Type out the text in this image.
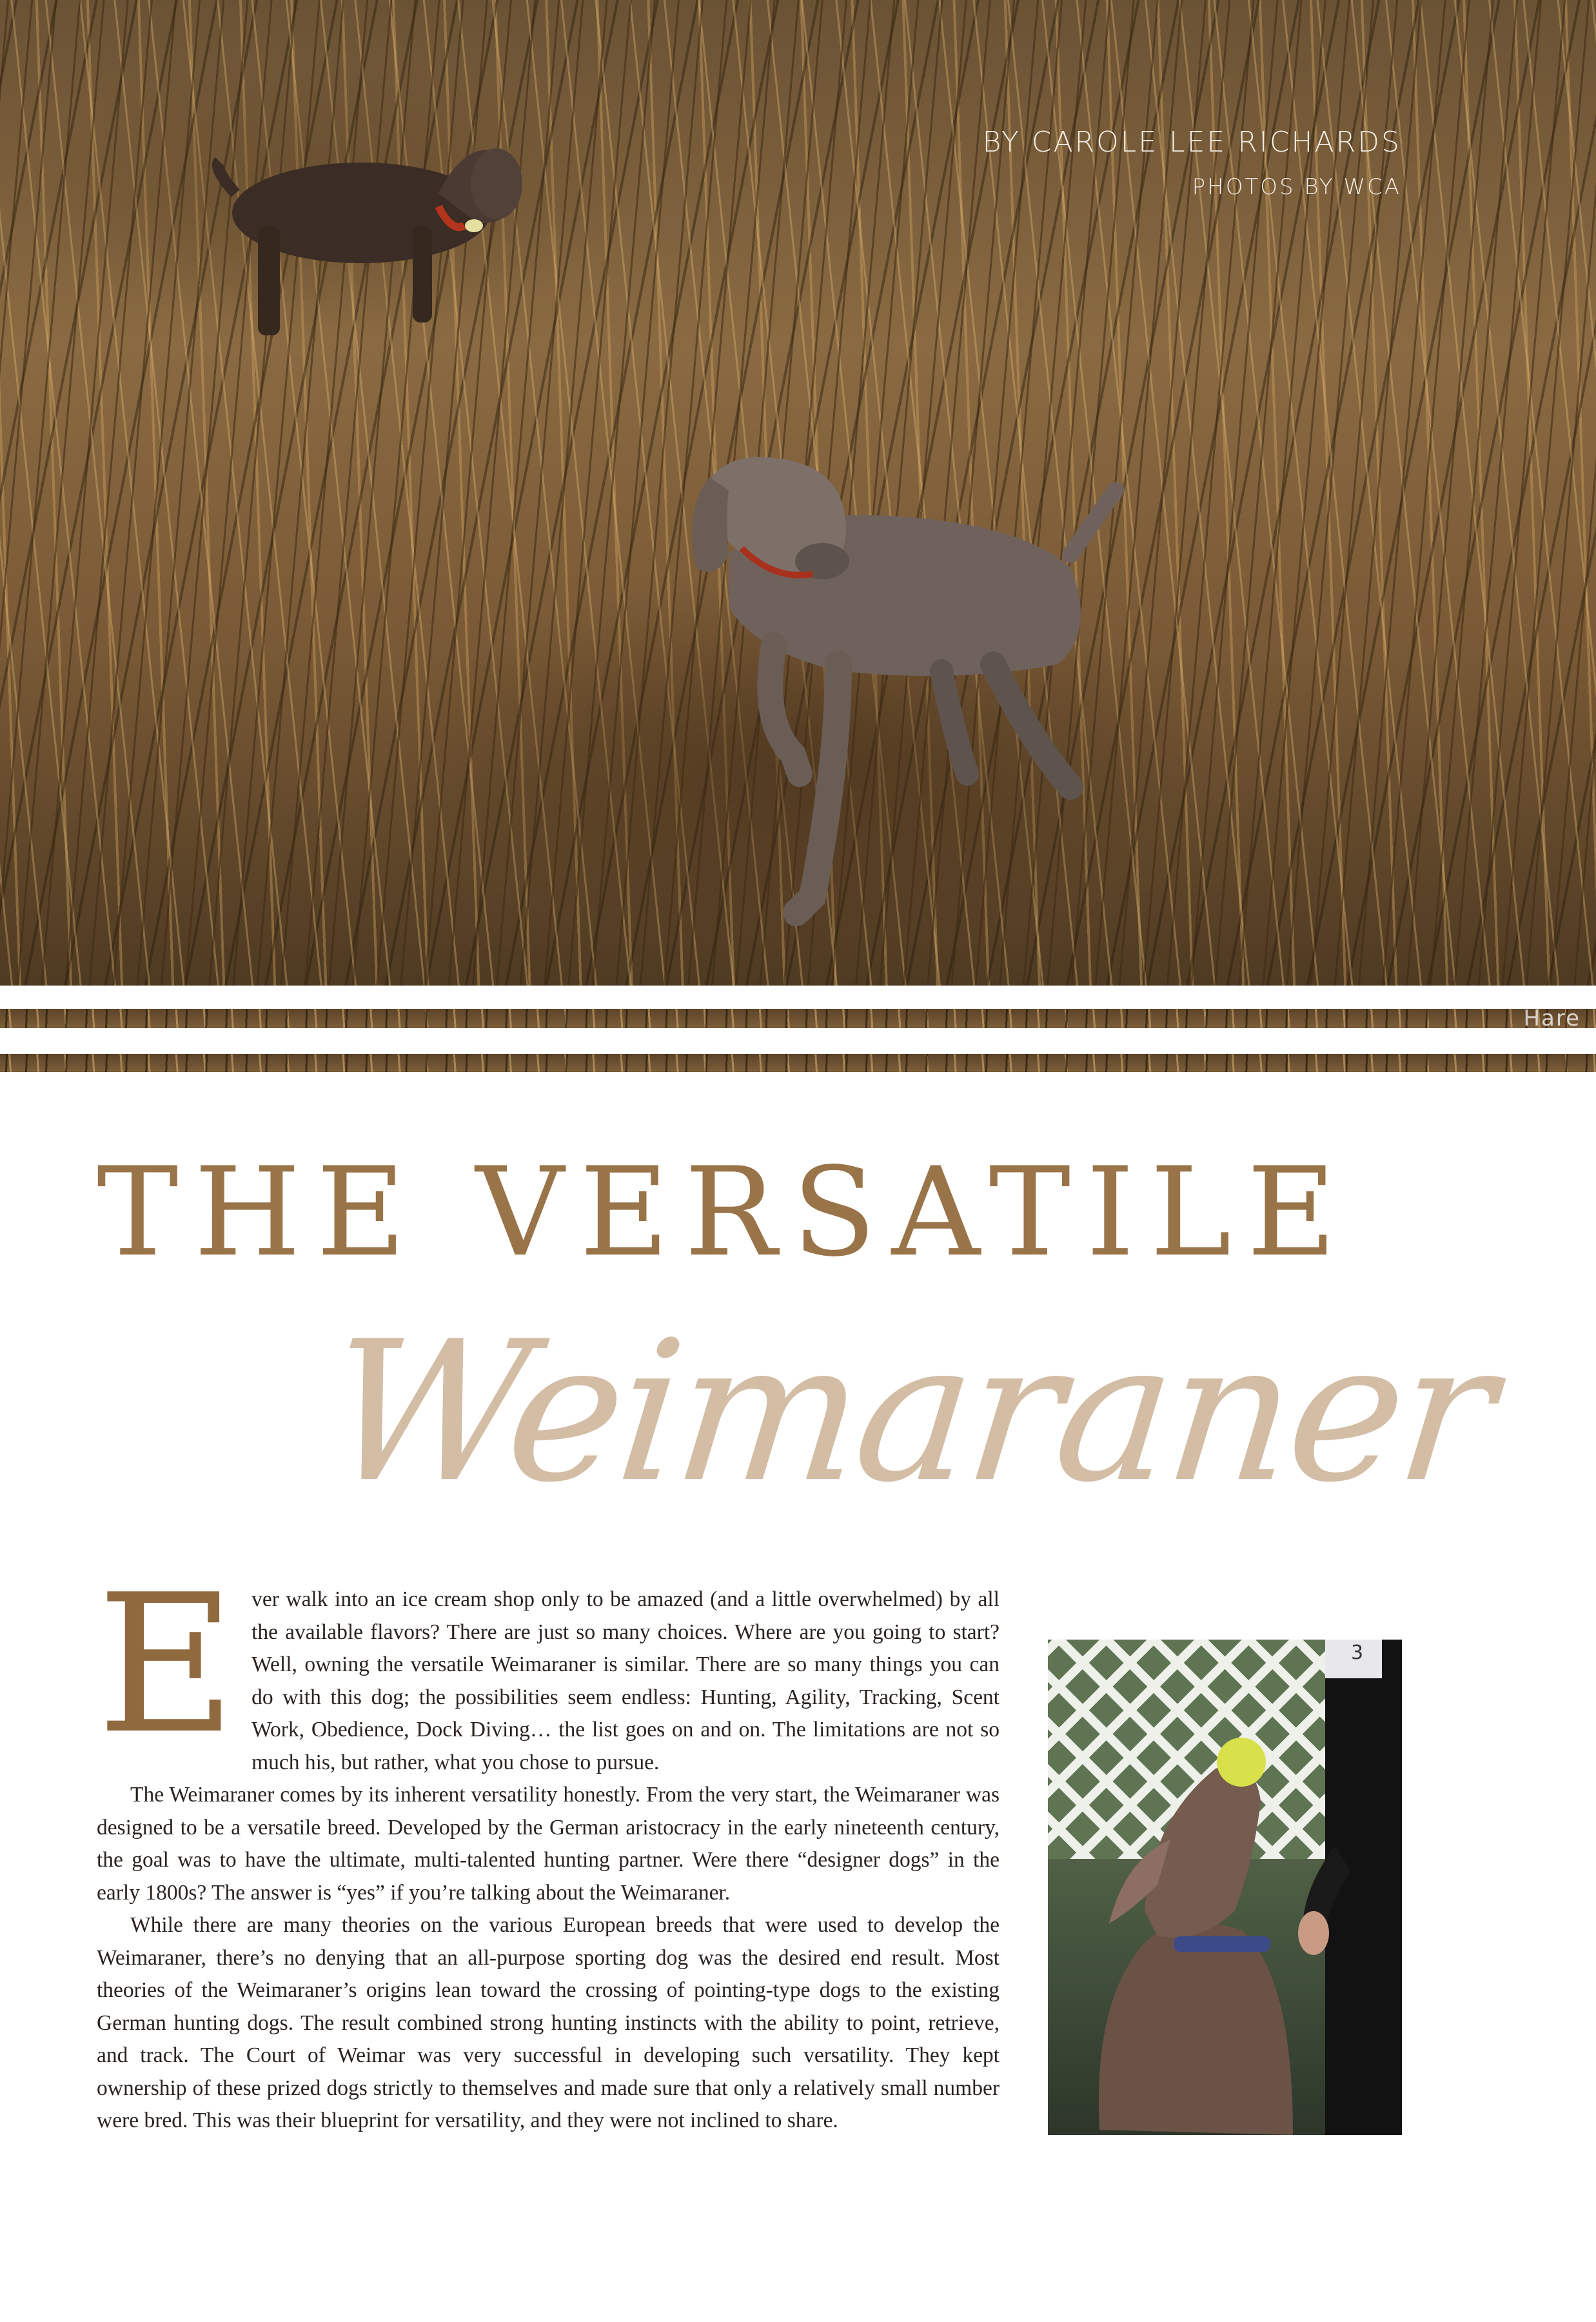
BY CAROLE LEE RICHARDS

PHOTOS BY WCA

Hare
THE VERSATILE
Weimaraner
E ver walk into an ice cream shop only to be amazed (and a little overwhelmed) by all the available flavors? There are just so many choices. Where are you going to start? Well, owning the versatile Weimaraner is similar. There are so many things you can do with this dog; the possibilities seem endless: Hunting, Agility, Tracking, Scent Work, Obedience, Dock Diving… the list goes on and on. The limitations are not so much his, but rather, what you chose to pursue.

The Weimaraner comes by its inherent versatility honestly. From the very start, the Weimaraner was designed to be a versatile breed. Developed by the German aristocracy in the early nineteenth century, the goal was to have the ultimate, multi-talented hunting partner. Were there “designer dogs” in the early 1800s? The answer is “yes” if you’re talking about the Weimaraner.

While there are many theories on the various European breeds that were used to develop the Weimaraner, there’s no denying that an all-purpose sporting dog was the desired end result. Most theories of the Weimaraner’s origins lean toward the crossing of pointing-type dogs to the existing German hunting dogs. The result combined strong hunting instincts with the ability to point, retrieve, and track. The Court of Weimar was very successful in developing such versatility. They kept ownership of these prized dogs strictly to themselves and made sure that only a relatively small number were bred. This was their blueprint for versatility, and they were not inclined to share.

3
